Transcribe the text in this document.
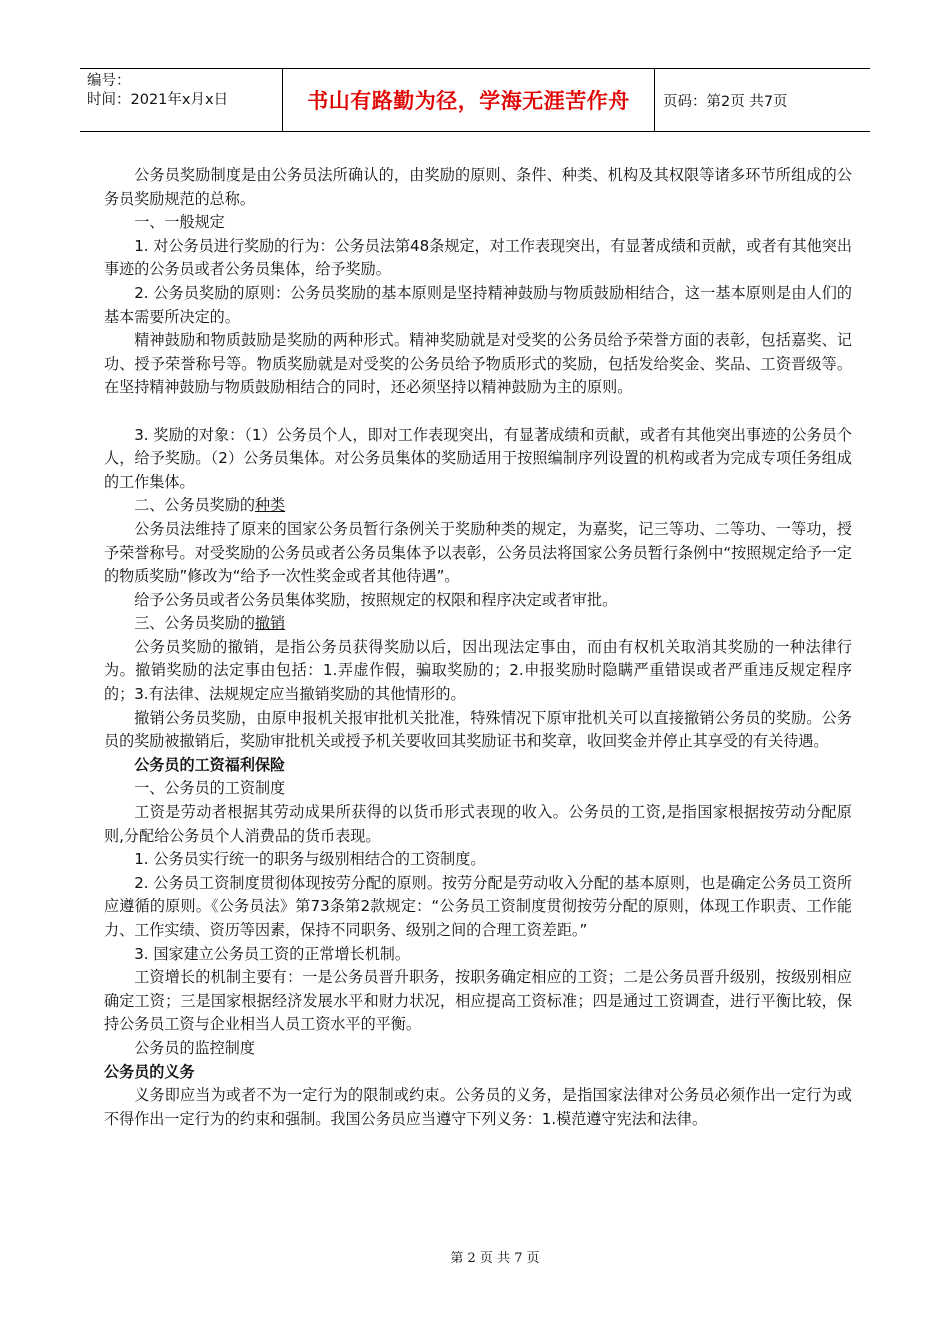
编号：
时间：2021年x月x日	书山有路勤为径，学海无涯苦作舟	页码：第2页 共7页

公务员奖励制度是由公务员法所确认的，由奖励的原则、条件、种类、机构及其权限等诸多环节所组成的公务员奖励规范的总称。

一、一般规定

1. 对公务员进行奖励的行为：公务员法第48条规定，对工作表现突出，有显著成绩和贡献，或者有其他突出事迹的公务员或者公务员集体，给予奖励。

2. 公务员奖励的原则：公务员奖励的基本原则是坚持精神鼓励与物质鼓励相结合，这一基本原则是由人们的基本需要所决定的。

精神鼓励和物质鼓励是奖励的两种形式。精神奖励就是对受奖的公务员给予荣誉方面的表彰，包括嘉奖、记功、授予荣誉称号等。物质奖励就是对受奖的公务员给予物质形式的奖励，包括发给奖金、奖品、工资晋级等。在坚持精神鼓励与物质鼓励相结合的同时，还必须坚持以精神鼓励为主的原则。

3. 奖励的对象：（1）公务员个人，即对工作表现突出，有显著成绩和贡献，或者有其他突出事迹的公务员个人，给予奖励。（2）公务员集体。对公务员集体的奖励适用于按照编制序列设置的机构或者为完成专项任务组成的工作集体。

二、公务员奖励的种类

公务员法维持了原来的国家公务员暂行条例关于奖励种类的规定，为嘉奖，记三等功、二等功、一等功，授予荣誉称号。对受奖励的公务员或者公务员集体予以表彰，公务员法将国家公务员暂行条例中“按照规定给予一定的物质奖励”修改为“给予一次性奖金或者其他待遇”。

给予公务员或者公务员集体奖励，按照规定的权限和程序决定或者审批。

三、公务员奖励的撤销

公务员奖励的撤销，是指公务员获得奖励以后，因出现法定事由，而由有权机关取消其奖励的一种法律行为。撤销奖励的法定事由包括：1.弄虚作假，骗取奖励的；2.申报奖励时隐瞒严重错误或者严重违反规定程序的；3.有法律、法规规定应当撤销奖励的其他情形的。

撤销公务员奖励，由原申报机关报审批机关批准，特殊情况下原审批机关可以直接撤销公务员的奖励。公务员的奖励被撤销后，奖励审批机关或授予机关要收回其奖励证书和奖章，收回奖金并停止其享受的有关待遇。

公务员的工资福利保险

一、公务员的工资制度

工资是劳动者根据其劳动成果所获得的以货币形式表现的收入。公务员的工资,是指国家根据按劳动分配原则,分配给公务员个人消费品的货币表现。

1. 公务员实行统一的职务与级别相结合的工资制度。

2. 公务员工资制度贯彻体现按劳分配的原则。按劳分配是劳动收入分配的基本原则，也是确定公务员工资所应遵循的原则。《公务员法》第73条第2款规定：“公务员工资制度贯彻按劳分配的原则，体现工作职责、工作能力、工作实绩、资历等因素，保持不同职务、级别之间的合理工资差距。”

3. 国家建立公务员工资的正常增长机制。

工资增长的机制主要有：一是公务员晋升职务，按职务确定相应的工资；二是公务员晋升级别，按级别相应确定工资；三是国家根据经济发展水平和财力状况，相应提高工资标准；四是通过工资调查，进行平衡比较，保持公务员工资与企业相当人员工资水平的平衡。

公务员的监控制度

公务员的义务

义务即应当为或者不为一定行为的限制或约束。公务员的义务，是指国家法律对公务员必须作出一定行为或不得作出一定行为的约束和强制。我国公务员应当遵守下列义务：1.模范遵守宪法和法律。

第 2 页 共 7 页
